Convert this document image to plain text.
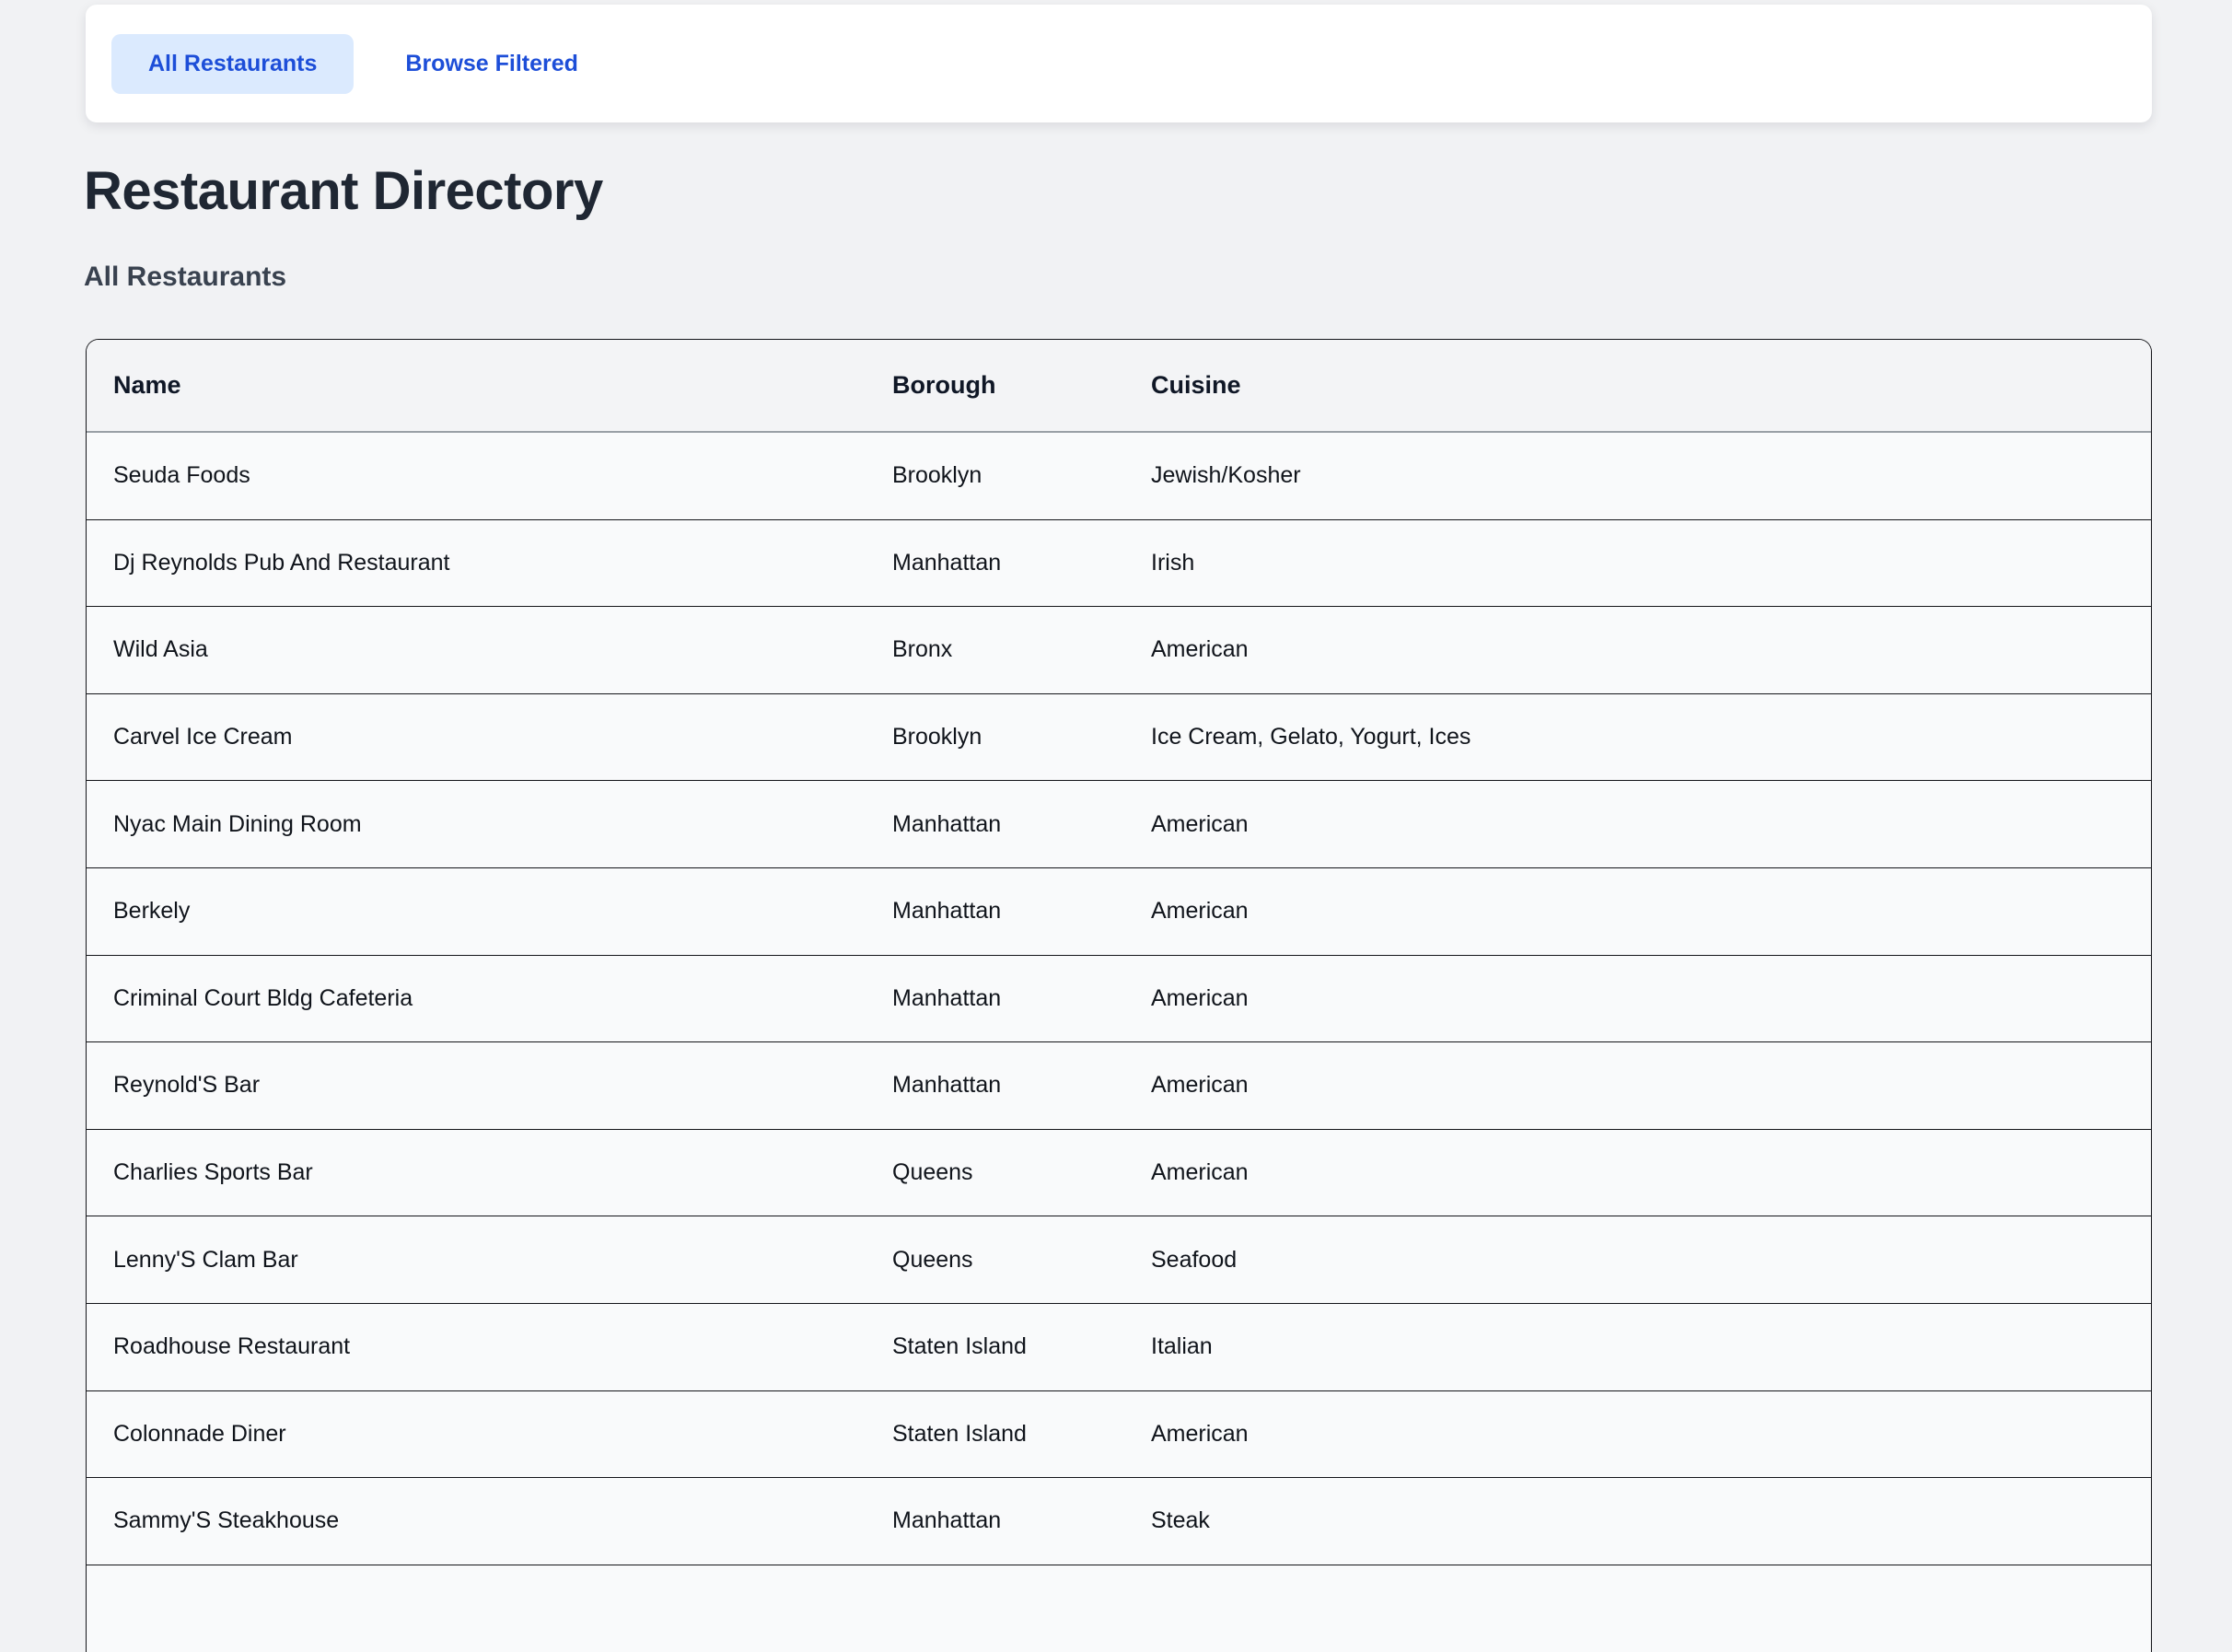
All Restaurants	Browse Filtered
Restaurant Directory
All Restaurants
Name	Borough	Cuisine
Seuda Foods	Brooklyn	Jewish/Kosher
Dj Reynolds Pub And Restaurant	Manhattan	Irish
Wild Asia	Bronx	American
Carvel Ice Cream	Brooklyn	Ice Cream, Gelato, Yogurt, Ices
Nyac Main Dining Room	Manhattan	American
Berkely	Manhattan	American
Criminal Court Bldg Cafeteria	Manhattan	American
Reynold'S Bar	Manhattan	American
Charlies Sports Bar	Queens	American
Lenny'S Clam Bar	Queens	Seafood
Roadhouse Restaurant	Staten Island	Italian
Colonnade Diner	Staten Island	American
Sammy'S Steakhouse	Manhattan	Steak
